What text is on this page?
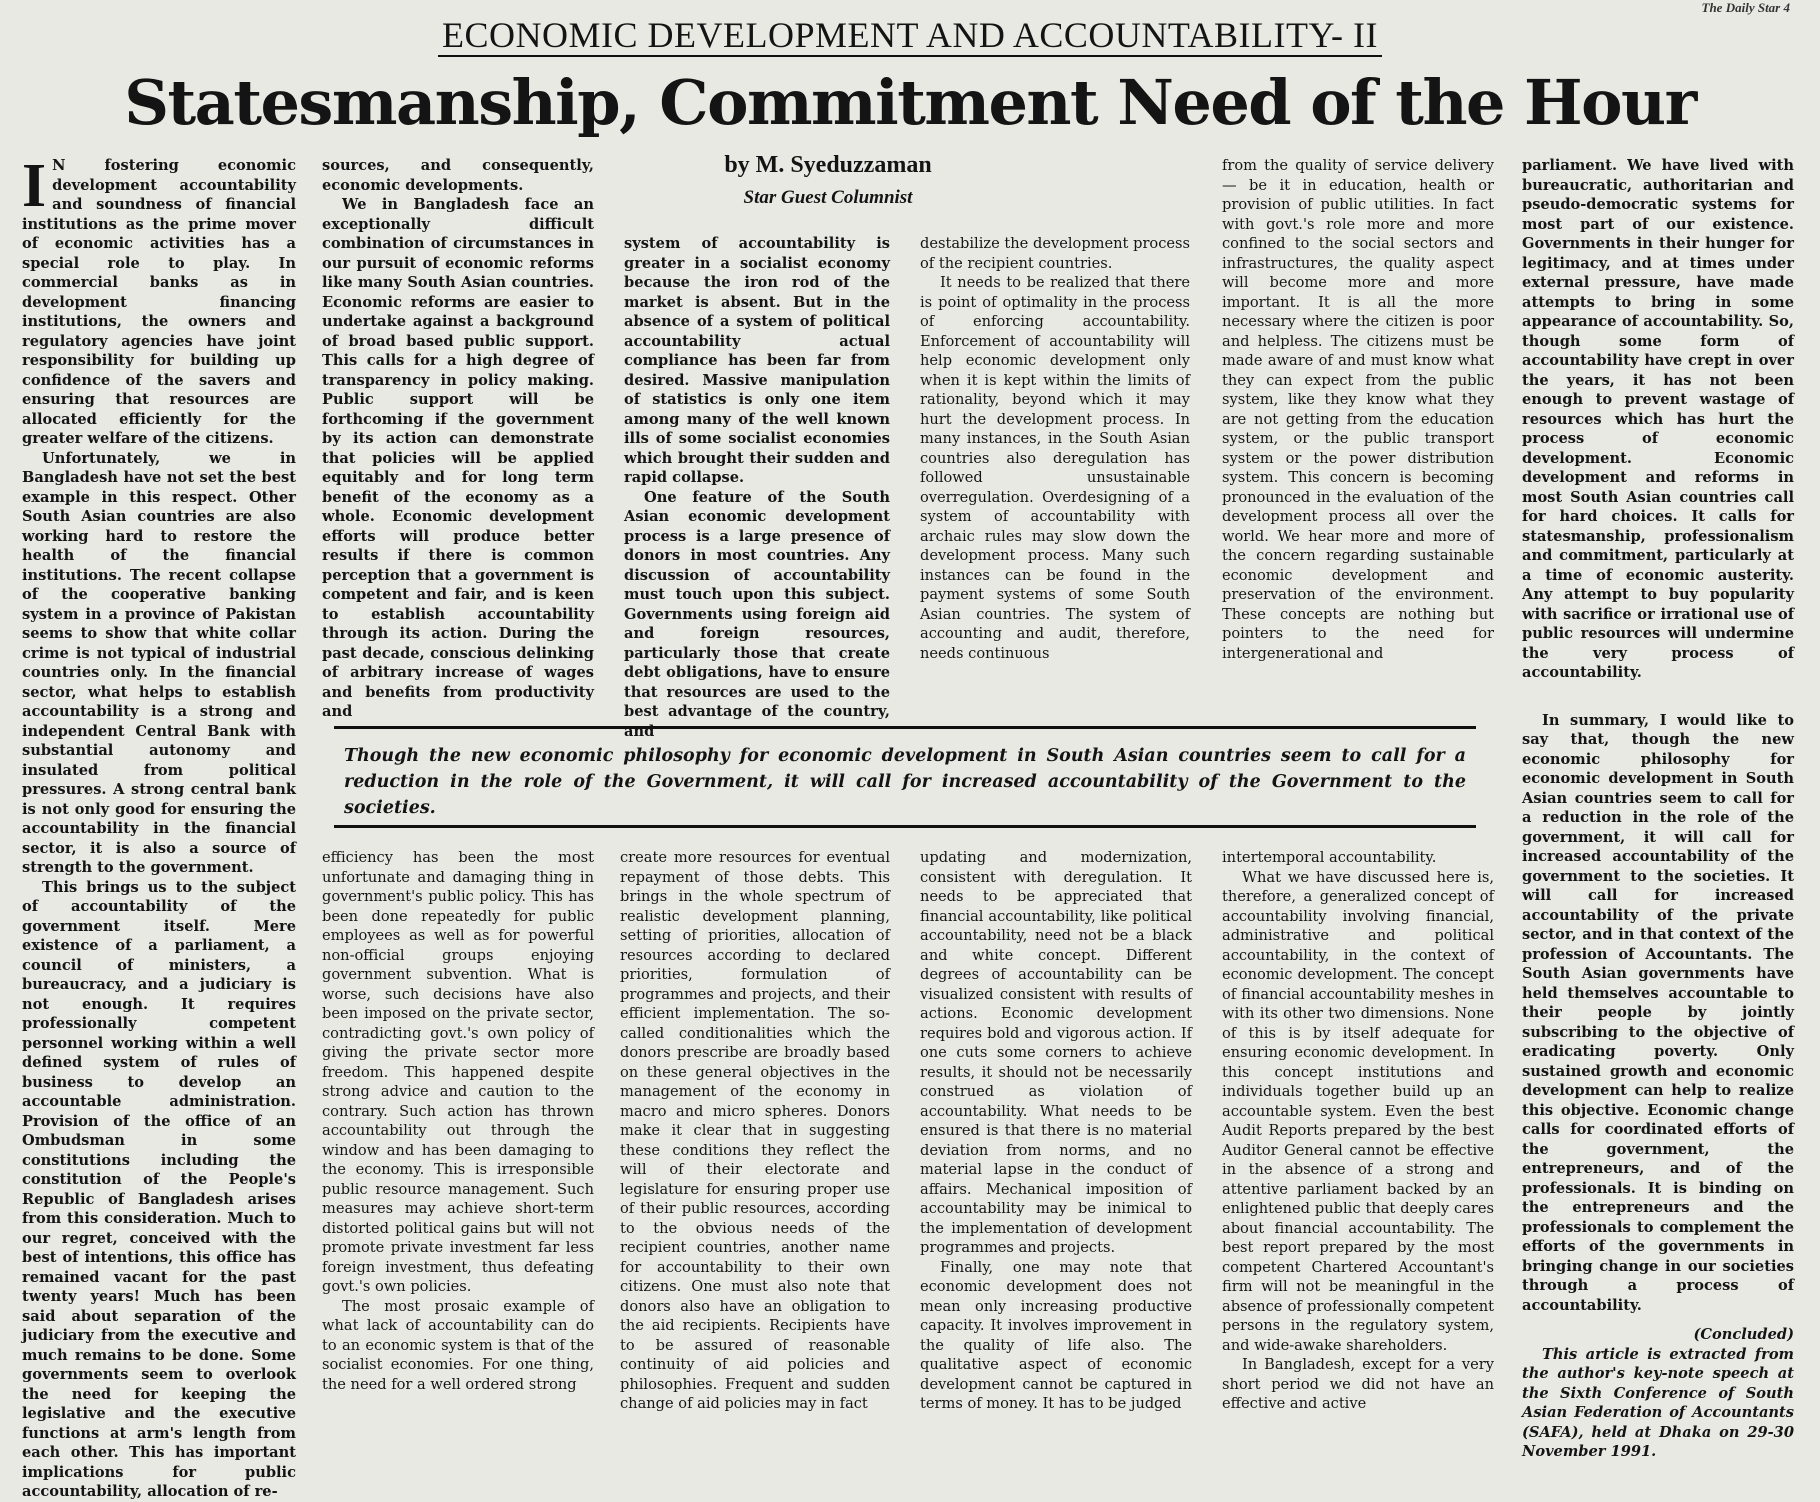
The Daily Star 4
ECONOMIC DEVELOPMENT AND ACCOUNTABILITY- II
Statesmanship, Commitment Need of the Hour
by M. Syeduzzaman
Star Guest Columnist

I N fostering economic development accountability and soundness of financial institutions as the prime mover of economic activities has a special role to play. In commercial banks as in development financing institutions, the owners and regulatory agencies have joint responsibility for building up confidence of the savers and ensuring that resources are allocated efficiently for the greater welfare of the citizens.

Unfortunately, we in Bangladesh have not set the best example in this respect. Other South Asian countries are also working hard to restore the health of the financial institutions. The recent collapse of the cooperative banking system in a province of Pakistan seems to show that white collar crime is not typical of industrial countries only. In the financial sector, what helps to establish accountability is a strong and independent Central Bank with substantial autonomy and insulated from political pressures. A strong central bank is not only good for ensuring the accountability in the financial sector, it is also a source of strength to the government.

This brings us to the subject of accountability of the government itself. Mere existence of a parliament, a council of ministers, a bureaucracy, and a judiciary is not enough. It requires professionally competent personnel working within a well defined system of rules of business to develop an accountable administration. Provision of the office of an Ombudsman in some constitutions including the constitution of the People's Republic of Bangladesh arises from this consideration. Much to our regret, conceived with the best of intentions, this office has remained vacant for the past twenty years! Much has been said about separation of the judiciary from the executive and much remains to be done. Some governments seem to overlook the need for keeping the legislative and the executive functions at arm's length from each other. This has important implications for public accountability, allocation of re-

sources, and consequently, economic developments.

We in Bangladesh face an exceptionally difficult combination of circumstances in our pursuit of economic reforms like many South Asian countries. Economic reforms are easier to undertake against a background of broad based public support. This calls for a high degree of transparency in policy making. Public support will be forthcoming if the government by its action can demonstrate that policies will be applied equitably and for long term benefit of the economy as a whole. Economic development efforts will produce better results if there is common perception that a government is competent and fair, and is keen to establish accountability through its action. During the past decade, conscious delinking of arbitrary increase of wages and benefits from productivity and

system of accountability is greater in a socialist economy because the iron rod of the market is absent. But in the absence of a system of political accountability actual compliance has been far from desired. Massive manipulation of statistics is only one item among many of the well known ills of some socialist economies which brought their sudden and rapid collapse.

One feature of the South Asian economic development process is a large presence of donors in most countries. Any discussion of accountability must touch upon this subject. Governments using foreign aid and foreign resources, particularly those that create debt obligations, have to ensure that resources are used to the best advantage of the country, and

destabilize the development process of the recipient countries.

It needs to be realized that there is point of optimality in the process of enforcing accountability. Enforcement of accountability will help economic development only when it is kept within the limits of rationality, beyond which it may hurt the development process. In many instances, in the South Asian countries also deregulation has followed unsustainable overregulation. Overdesigning of a system of accountability with archaic rules may slow down the development process. Many such instances can be found in the payment systems of some South Asian countries. The system of accounting and audit, therefore, needs continuous

from the quality of service delivery — be it in education, health or provision of public utilities. In fact with govt.'s role more and more confined to the social sectors and infrastructures, the quality aspect will become more and more important. It is all the more necessary where the citizen is poor and helpless. The citizens must be made aware of and must know what they can expect from the public system, like they know what they are not getting from the education system, or the public transport system or the power distribution system. This concern is becoming pronounced in the evaluation of the development process all over the world. We hear more and more of the concern regarding sustainable economic development and preservation of the environment. These concepts are nothing but pointers to the need for intergenerational and

parliament. We have lived with bureaucratic, authoritarian and pseudo-democratic systems for most part of our existence. Governments in their hunger for legitimacy, and at times under external pressure, have made attempts to bring in some appearance of accountability. So, though some form of accountability have crept in over the years, it has not been enough to prevent wastage of resources which has hurt the process of economic development. Economic development and reforms in most South Asian countries call for hard choices. It calls for statesmanship, professionalism and commitment, particularly at a time of economic austerity. Any attempt to buy popularity with sacrifice or irrational use of public resources will undermine the very process of accountability.

In summary, I would like to say that, though the new economic philosophy for economic development in South Asian countries seem to call for a reduction in the role of the government, it will call for increased accountability of the government to the societies. It will call for increased accountability of the private sector, and in that context of the profession of Accountants. The South Asian governments have held themselves accountable to their people by jointly subscribing to the objective of eradicating poverty. Only sustained growth and economic development can help to realize this objective. Economic change calls for coordinated efforts of the government, the entrepreneurs, and of the professionals. It is binding on the entrepreneurs and the professionals to complement the efforts of the governments in bringing change in our societies through a process of accountability.

(Concluded)

This article is extracted from the author's key-note speech at the Sixth Conference of South Asian Federation of Accountants (SAFA), held at Dhaka on 29-30 November 1991.

Though the new economic philosophy for economic development in South Asian countries seem to call for a reduction in the role of the Government, it will call for increased accountability of the Government to the societies.

efficiency has been the most unfortunate and damaging thing in government's public policy. This has been done repeatedly for public employees as well as for powerful non-official groups enjoying government subvention. What is worse, such decisions have also been imposed on the private sector, contradicting govt.'s own policy of giving the private sector more freedom. This happened despite strong advice and caution to the contrary. Such action has thrown accountability out through the window and has been damaging to the economy. This is irresponsible public resource management. Such measures may achieve short-term distorted political gains but will not promote private investment far less foreign investment, thus defeating govt.'s own policies.

The most prosaic example of what lack of accountability can do to an economic system is that of the socialist economies. For one thing, the need for a well ordered strong

create more resources for eventual repayment of those debts. This brings in the whole spectrum of realistic development planning, setting of priorities, allocation of resources according to declared priorities, formulation of programmes and projects, and their efficient implementation. The so-called conditionalities which the donors prescribe are broadly based on these general objectives in the management of the economy in macro and micro spheres. Donors make it clear that in suggesting these conditions they reflect the will of their electorate and legislature for ensuring proper use of their public resources, according to the obvious needs of the recipient countries, another name for accountability to their own citizens. One must also note that donors also have an obligation to the aid recipients. Recipients have to be assured of reasonable continuity of aid policies and philosophies. Frequent and sudden change of aid policies may in fact

updating and modernization, consistent with deregulation. It needs to be appreciated that financial accountability, like political accountability, need not be a black and white concept. Different degrees of accountability can be visualized consistent with results of actions. Economic development requires bold and vigorous action. If one cuts some corners to achieve results, it should not be necessarily construed as violation of accountability. What needs to be ensured is that there is no material deviation from norms, and no material lapse in the conduct of affairs. Mechanical imposition of accountability may be inimical to the implementation of development programmes and projects.

Finally, one may note that economic development does not mean only increasing productive capacity. It involves improvement in the quality of life also. The qualitative aspect of economic development cannot be captured in terms of money. It has to be judged

intertemporal accountability.

What we have discussed here is, therefore, a generalized concept of accountability involving financial, administrative and political accountability, in the context of economic development. The concept of financial accountability meshes in with its other two dimensions. None of this is by itself adequate for ensuring economic development. In this concept institutions and individuals together build up an accountable system. Even the best Audit Reports prepared by the best Auditor General cannot be effective in the absence of a strong and attentive parliament backed by an enlightened public that deeply cares about financial accountability. The best report prepared by the most competent Chartered Accountant's firm will not be meaningful in the absence of professionally competent persons in the regulatory system, and wide-awake shareholders.

In Bangladesh, except for a very short period we did not have an effective and active
